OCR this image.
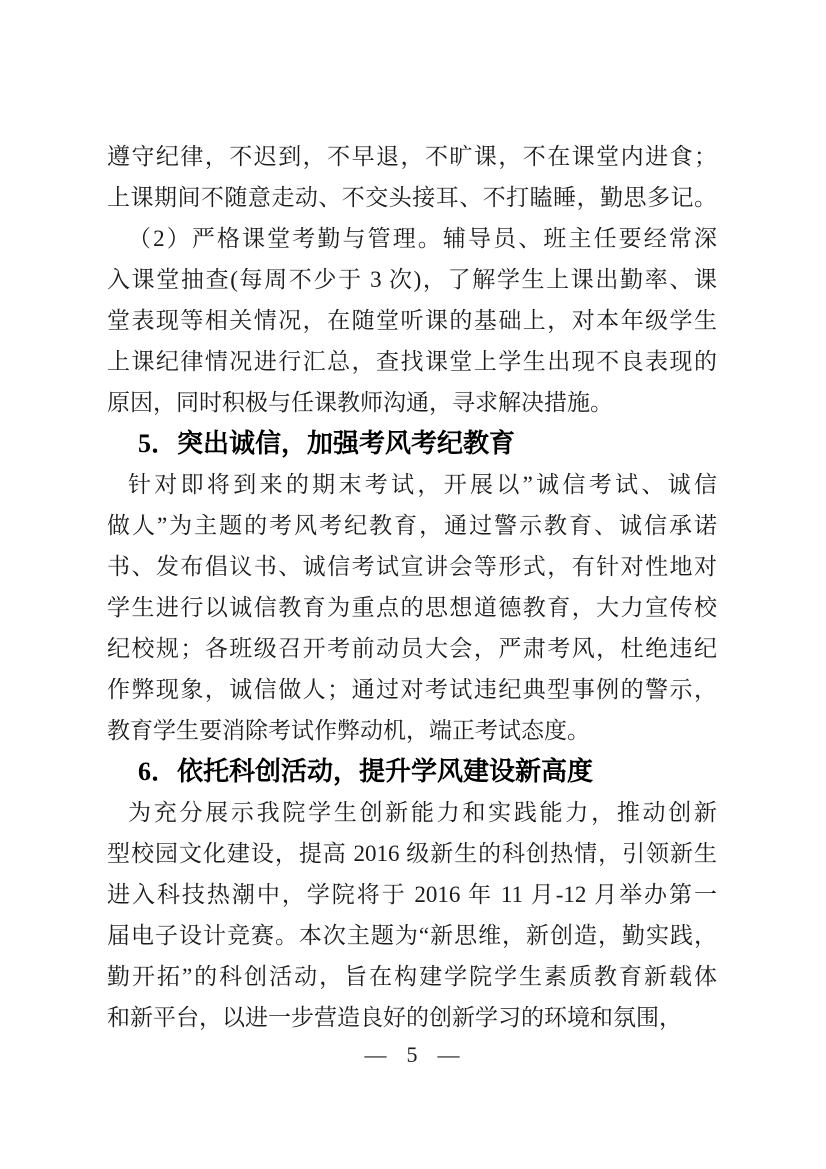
遵守纪律，不迟到，不早退，不旷课，不在课堂内进食；
上课期间不随意走动、不交头接耳、不打瞌睡，勤思多记。
（2）严格课堂考勤与管理。辅导员、班主任要经常深
入课堂抽查(每周不少于 3 次)，了解学生上课出勤率、课
堂表现等相关情况，在随堂听课的基础上，对本年级学生
上课纪律情况进行汇总，查找课堂上学生出现不良表现的
原因，同时积极与任课教师沟通，寻求解决措施。
5．突出诚信，加强考风考纪教育
针对即将到来的期末考试，开展以”诚信考试、诚信
做人”为主题的考风考纪教育，通过警示教育、诚信承诺
书、发布倡议书、诚信考试宣讲会等形式，有针对性地对
学生进行以诚信教育为重点的思想道德教育，大力宣传校
纪校规；各班级召开考前动员大会，严肃考风，杜绝违纪
作弊现象，诚信做人；通过对考试违纪典型事例的警示，
教育学生要消除考试作弊动机，端正考试态度。
6．依托科创活动，提升学风建设新高度
为充分展示我院学生创新能力和实践能力，推动创新
型校园文化建设，提高 2016 级新生的科创热情，引领新生
进入科技热潮中，学院将于 2016 年 11 月-12 月举办第一
届电子设计竞赛。本次主题为“新思维，新创造，勤实践，
勤开拓”的科创活动，旨在构建学院学生素质教育新载体
和新平台，以进一步营造良好的创新学习的环境和氛围，
— 5 —
